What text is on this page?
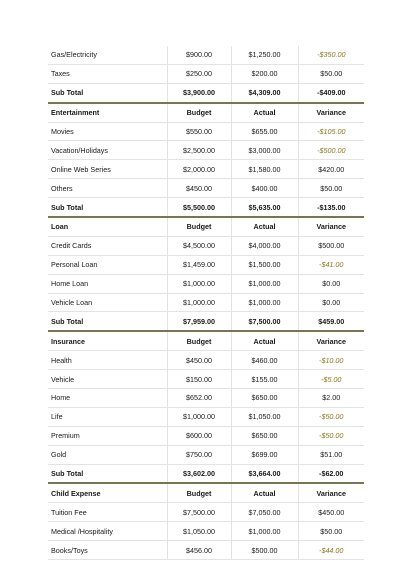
Gas/Electricity	$900.00	$1,250.00	-$350.00
Taxes	$250.00	$200.00	$50.00
Sub Total	$3,900.00	$4,309.00	-$409.00
Entertainment	Budget	Actual	Variance
Movies	$550.00	$655.00	-$105.00
Vacation/Holidays	$2,500.00	$3,000.00	-$500.00
Online Web Series	$2,000.00	$1,580.00	$420.00
Others	$450.00	$400.00	$50.00
Sub Total	$5,500.00	$5,635.00	-$135.00
Loan	Budget	Actual	Variance
Credit Cards	$4,500.00	$4,000.00	$500.00
Personal Loan	$1,459.00	$1,500.00	-$41.00
Home Loan	$1,000.00	$1,000.00	$0.00
Vehicle Loan	$1,000.00	$1,000.00	$0.00
Sub Total	$7,959.00	$7,500.00	$459.00
Insurance	Budget	Actual	Variance
Health	$450.00	$460.00	-$10.00
Vehicle	$150.00	$155.00	-$5.00
Home	$652.00	$650.00	$2.00
Life	$1,000.00	$1,050.00	-$50.00
Premium	$600.00	$650.00	-$50.00
Gold	$750.00	$699.00	$51.00
Sub Total	$3,602.00	$3,664.00	-$62.00
Child Expense	Budget	Actual	Variance
Tuition Fee	$7,500.00	$7,050.00	$450.00
Medical /Hospitality	$1,050.00	$1,000.00	$50.00
Books/Toys	$456.00	$500.00	-$44.00
